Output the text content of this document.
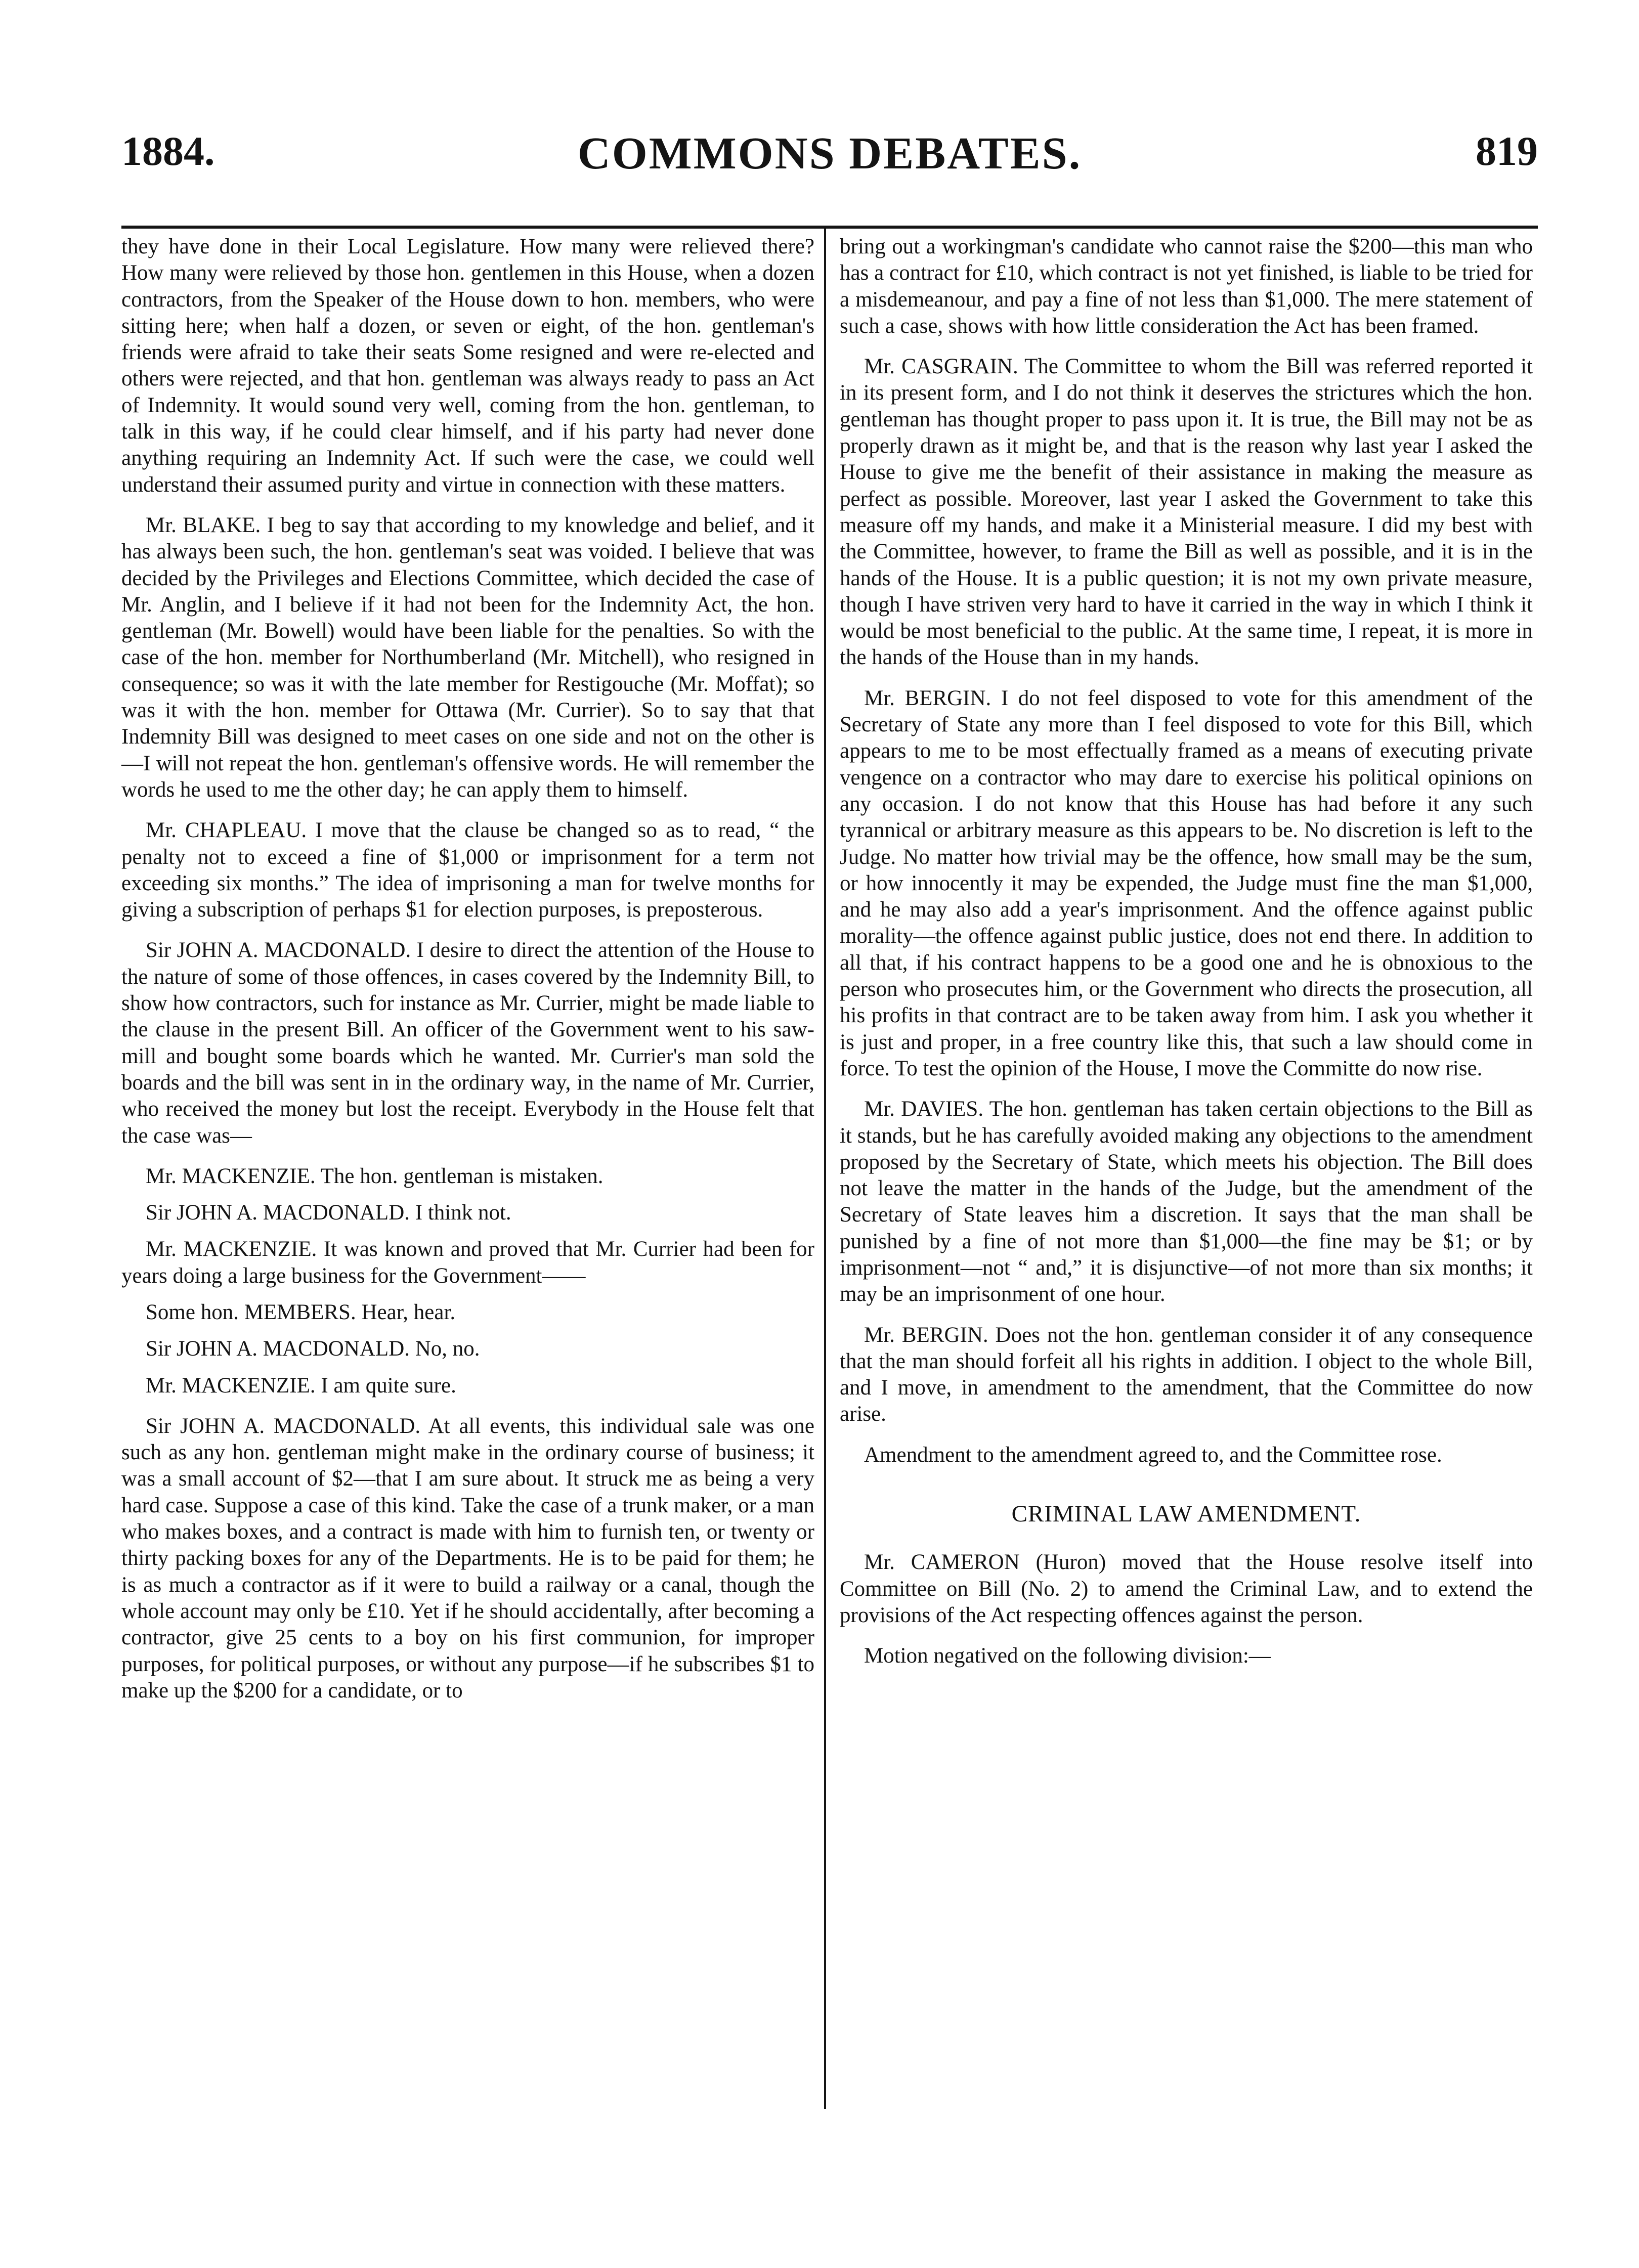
1884.	COMMONS DEBATES.	819

they have done in their Local Legislature. How many were relieved there? How many were relieved by those hon. gentlemen in this House, when a dozen contractors, from the Speaker of the House down to hon. members, who were sitting here; when half a dozen, or seven or eight, of the hon. gentleman's friends were afraid to take their seats Some resigned and were re-elected and others were rejected, and that hon. gentleman was always ready to pass an Act of Indemnity. It would sound very well, coming from the hon. gentleman, to talk in this way, if he could clear himself, and if his party had never done anything requiring an Indemnity Act. If such were the case, we could well understand their assumed purity and virtue in connection with these matters.

Mr. BLAKE. I beg to say that according to my knowledge and belief, and it has always been such, the hon. gentleman's seat was voided. I believe that was decided by the Privileges and Elections Committee, which decided the case of Mr. Anglin, and I believe if it had not been for the Indemnity Act, the hon. gentleman (Mr. Bowell) would have been liable for the penalties. So with the case of the hon. member for Northumberland (Mr. Mitchell), who resigned in consequence; so was it with the late member for Restigouche (Mr. Moffat); so was it with the hon. member for Ottawa (Mr. Currier). So to say that that Indemnity Bill was designed to meet cases on one side and not on the other is—I will not repeat the hon. gentleman's offensive words. He will remember the words he used to me the other day; he can apply them to himself.

Mr. CHAPLEAU. I move that the clause be changed so as to read, “ the penalty not to exceed a fine of $1,000 or imprisonment for a term not exceeding six months.” The idea of imprisoning a man for twelve months for giving a subscription of perhaps $1 for election purposes, is preposterous.

Sir JOHN A. MACDONALD. I desire to direct the attention of the House to the nature of some of those offences, in cases covered by the Indemnity Bill, to show how contractors, such for instance as Mr. Currier, might be made liable to the clause in the present Bill. An officer of the Government went to his saw-mill and bought some boards which he wanted. Mr. Currier's man sold the boards and the bill was sent in in the ordinary way, in the name of Mr. Currier, who received the money but lost the receipt. Everybody in the House felt that the case was—

Mr. MACKENZIE. The hon. gentleman is mistaken.

Sir JOHN A. MACDONALD. I think not.

Mr. MACKENZIE. It was known and proved that Mr. Currier had been for years doing a large business for the Government——

Some hon. MEMBERS. Hear, hear.

Sir JOHN A. MACDONALD. No, no.

Mr. MACKENZIE. I am quite sure.

Sir JOHN A. MACDONALD. At all events, this individual sale was one such as any hon. gentleman might make in the ordinary course of business; it was a small account of $2—that I am sure about. It struck me as being a very hard case. Suppose a case of this kind. Take the case of a trunk maker, or a man who makes boxes, and a contract is made with him to furnish ten, or twenty or thirty packing boxes for any of the Departments. He is to be paid for them; he is as much a contractor as if it were to build a railway or a canal, though the whole account may only be £10. Yet if he should accidentally, after becoming a contractor, give 25 cents to a boy on his first communion, for improper purposes, for political purposes, or without any purpose—if he subscribes $1 to make up the $200 for a candidate, or to

bring out a workingman's candidate who cannot raise the $200—this man who has a contract for £10, which contract is not yet finished, is liable to be tried for a misdemeanour, and pay a fine of not less than $1,000. The mere statement of such a case, shows with how little consideration the Act has been framed.

Mr. CASGRAIN. The Committee to whom the Bill was referred reported it in its present form, and I do not think it deserves the strictures which the hon. gentleman has thought proper to pass upon it. It is true, the Bill may not be as properly drawn as it might be, and that is the reason why last year I asked the House to give me the benefit of their assistance in making the measure as perfect as possible. Moreover, last year I asked the Government to take this measure off my hands, and make it a Ministerial measure. I did my best with the Committee, however, to frame the Bill as well as possible, and it is in the hands of the House. It is a public question; it is not my own private measure, though I have striven very hard to have it carried in the way in which I think it would be most beneficial to the public. At the same time, I repeat, it is more in the hands of the House than in my hands.

Mr. BERGIN. I do not feel disposed to vote for this amendment of the Secretary of State any more than I feel disposed to vote for this Bill, which appears to me to be most effectually framed as a means of executing private vengence on a contractor who may dare to exercise his political opinions on any occasion. I do not know that this House has had before it any such tyrannical or arbitrary measure as this appears to be. No discretion is left to the Judge. No matter how trivial may be the offence, how small may be the sum, or how innocently it may be expended, the Judge must fine the man $1,000, and he may also add a year's imprisonment. And the offence against public morality—the offence against public justice, does not end there. In addition to all that, if his contract happens to be a good one and he is obnoxious to the person who prosecutes him, or the Government who directs the prosecution, all his profits in that contract are to be taken away from him. I ask you whether it is just and proper, in a free country like this, that such a law should come in force. To test the opinion of the House, I move the Committe do now rise.

Mr. DAVIES. The hon. gentleman has taken certain objections to the Bill as it stands, but he has carefully avoided making any objections to the amendment proposed by the Secretary of State, which meets his objection. The Bill does not leave the matter in the hands of the Judge, but the amendment of the Secretary of State leaves him a discretion. It says that the man shall be punished by a fine of not more than $1,000—the fine may be $1; or by imprisonment—not “ and,” it is disjunctive—of not more than six months; it may be an imprisonment of one hour.

Mr. BERGIN. Does not the hon. gentleman consider it of any consequence that the man should forfeit all his rights in addition. I object to the whole Bill, and I move, in amendment to the amendment, that the Committee do now arise.

Amendment to the amendment agreed to, and the Committee rose.

CRIMINAL LAW AMENDMENT.

Mr. CAMERON (Huron) moved that the House resolve itself into Committee on Bill (No. 2) to amend the Criminal Law, and to extend the provisions of the Act respecting offences against the person.

Motion negatived on the following division:—
